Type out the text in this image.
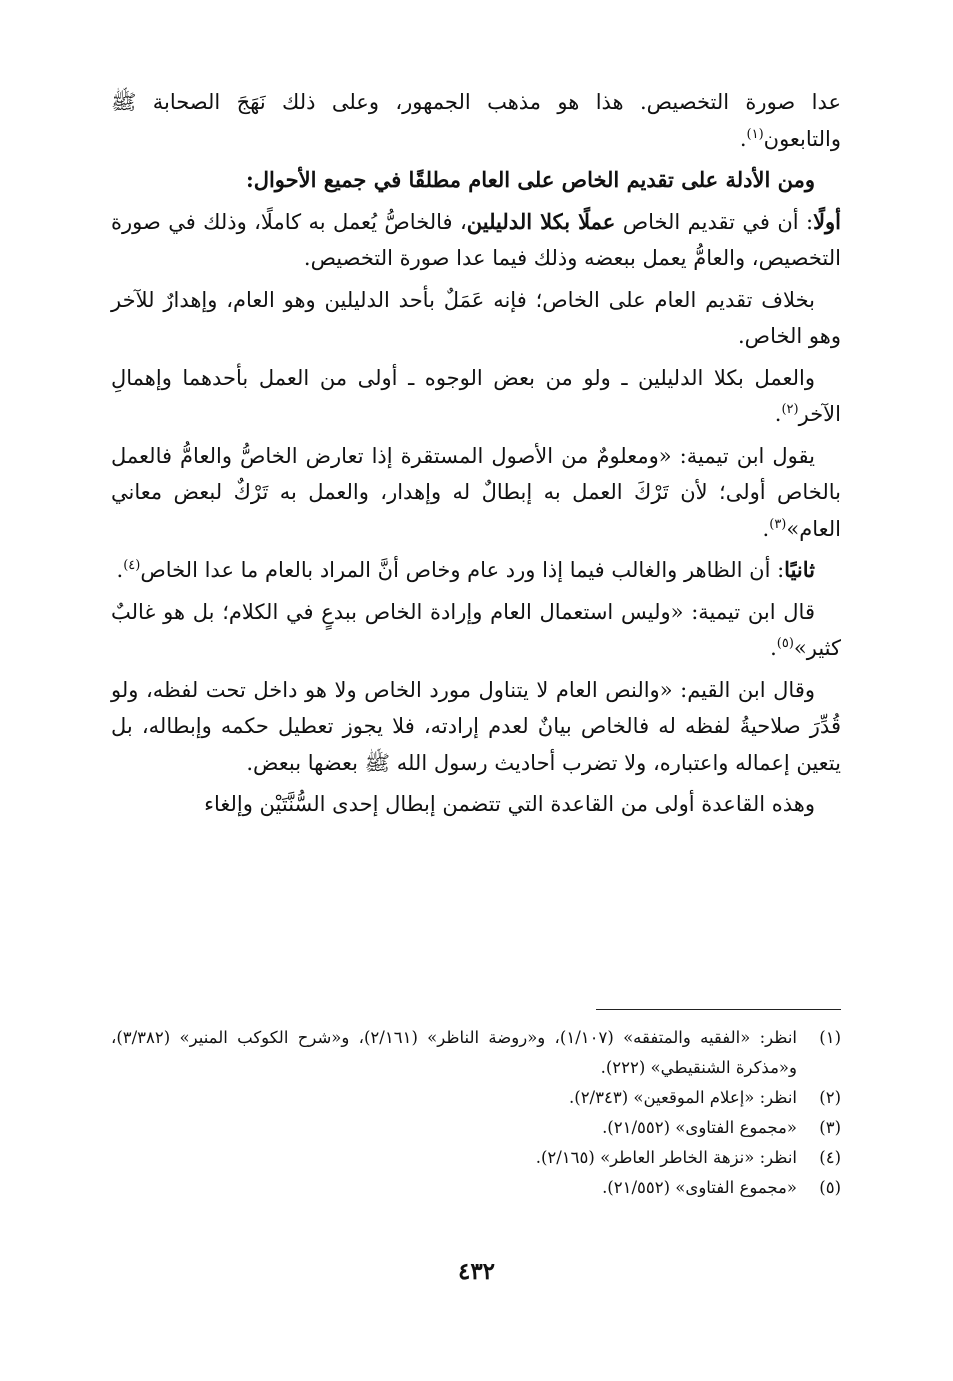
عدا صورة التخصيص. هذا هو مذهب الجمهور، وعلى ذلك نَهَجَ الصحابة ﷺ والتابعون$^{(١)}$.

ومن الأدلة على تقديم الخاص على العام مطلقًا في جميع الأحوال:

أولًا: أن في تقديم الخاص عملًا بكلا الدليلين، فالخاصُّ يُعمل به كاملًا، وذلك في صورة التخصيص، والعامُّ يعمل ببعضه وذلك فيما عدا صورة التخصيص.

بخلاف تقديم العام على الخاص؛ فإنه عَمَلٌ بأحد الدليلين وهو العام، وإهدارٌ للآخر وهو الخاص.

والعمل بكلا الدليلين ـ ولو من بعض الوجوه ـ أولى من العمل بأحدهما وإهمالِ الآخر$^{(٢)}$.

يقول ابن تيمية: «ومعلومٌ من الأصول المستقرة إذا تعارض الخاصُّ والعامُّ فالعمل بالخاص أولى؛ لأن تَرْكَ العمل به إبطالٌ له وإهدار، والعمل به تَرْكٌ لبعض معاني العام»$^{(٣)}$.

ثانيًا: أن الظاهر والغالب فيما إذا ورد عام وخاص أنَّ المراد بالعام ما عدا الخاص$^{(٤)}$.

قال ابن تيمية: «وليس استعمال العام وإرادة الخاص ببدعٍ في الكلام؛ بل هو غالبٌ كثير»$^{(٥)}$.

وقال ابن القيم: «والنص العام لا يتناول مورد الخاص ولا هو داخل تحت لفظه، ولو قُدِّرَ صلاحيةُ لفظه له فالخاص بيانٌ لعدم إرادته، فلا يجوز تعطيل حكمه وإبطاله، بل يتعين إعماله واعتباره، ولا تضرب أحاديث رسول الله ﷺ بعضها ببعض.

وهذه القاعدة أولى من القاعدة التي تتضمن إبطال إحدى السُّنَّتَيْن وإلغاء

(١)
انظر: «الفقيه والمتفقه» (١/١٠٧)، و«روضة الناظر» (٢/١٦١)، و«شرح الكوكب المنير» (٣/٣٨٢)، و«مذكرة الشنقيطي» (٢٢٢).

(٢)
انظر: «إعلام الموقعين» (٢/٣٤٣).

(٣)
«مجموع الفتاوى» (٢١/٥٥٢).

(٤)
انظر: «نزهة الخاطر العاطر» (٢/١٦٥).

(٥)
«مجموع الفتاوى» (٢١/٥٥٢).

٤٣٢
